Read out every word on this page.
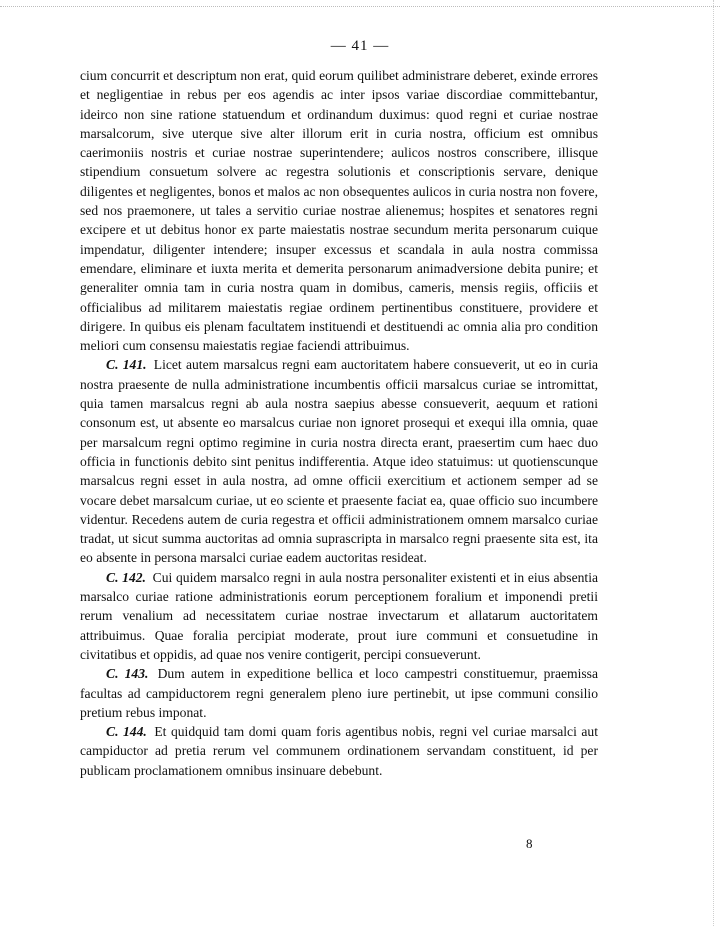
— 41 —

cium concurrit et descriptum non erat, quid eorum quilibet administrare deberet, exinde errores et negligentiae in rebus per eos agendis ac inter ipsos variae discordiae committebantur, ideirco non sine ratione statuendum et ordinandum duximus: quod regni et curiae nostrae marsalcorum, sive uterque sive alter illorum erit in curia nostra, officium est omnibus caerimoniis nostris et curiae nostrae superintendere; aulicos nostros conscribere, illisque stipendium consuetum solvere ac regestra solutionis et conscriptionis servare, denique diligentes et negligentes, bonos et malos ac non obsequentes aulicos in curia nostra non fovere, sed nos praemonere, ut tales a servitio curiae nostrae alienemus; hospites et senatores regni excipere et ut debitus honor ex parte maiestatis nostrae secundum merita personarum cuique impendatur, diligenter intendere; insuper excessus et scandala in aula nostra commissa emendare, eliminare et iuxta merita et demerita personarum animadversione debita punire; et generaliter omnia tam in curia nostra quam in domibus, cameris, mensis regiis, officiis et officialibus ad militarem maiestatis regiae ordinem pertinentibus constituere, providere et dirigere. In quibus eis plenam facultatem instituendi et destituendi ac omnia alia pro condition meliori cum consensu maiestatis regiae faciendi attribuimus.

C. 141. Licet autem marsalcus regni eam auctoritatem habere consueverit, ut eo in curia nostra praesente de nulla administratione incumbentis officii marsalcus curiae se intromittat, quia tamen marsalcus regni ab aula nostra saepius abesse consueverit, aequum et rationi consonum est, ut absente eo marsalcus curiae non ignoret prosequi et exequi illa omnia, quae per marsalcum regni optimo regimine in curia nostra directa erant, praesertim cum haec duo officia in functionis debito sint penitus indifferentia. Atque ideo statuimus: ut quotienscunque marsalcus regni esset in aula nostra, ad omne officii exercitium et actionem semper ad se vocare debet marsalcum curiae, ut eo sciente et praesente faciat ea, quae officio suo incumbere videntur. Recedens autem de curia regestra et officii administrationem omnem marsalco curiae tradat, ut sicut summa auctoritas ad omnia suprascripta in marsalco regni praesente sita est, ita eo absente in persona marsalci curiae eadem auctoritas resideat.

C. 142. Cui quidem marsalco regni in aula nostra personaliter existenti et in eius absentia marsalco curiae ratione administrationis eorum perceptionem foralium et imponendi pretii rerum venalium ad necessitatem curiae nostrae invectarum et allatarum auctoritatem attribuimus. Quae foralia percipiat moderate, prout iure communi et consuetudine in civitatibus et oppidis, ad quae nos venire contigerit, percipi consueverunt.

C. 143. Dum autem in expeditione bellica et loco campestri constituemur, praemissa facultas ad campiductorem regni generalem pleno iure pertinebit, ut ipse communi consilio pretium rebus imponat.

C. 144. Et quidquid tam domi quam foris agentibus nobis, regni vel curiae marsalci aut campiductor ad pretia rerum vel communem ordinationem servandam constituent, id per publicam proclamationem omnibus insinuare debebunt.

8
